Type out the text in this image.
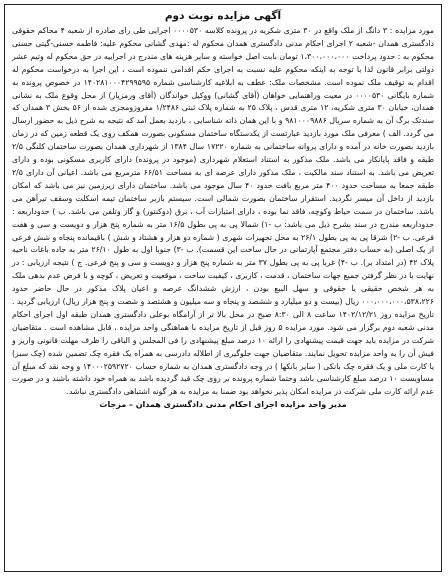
آگهی مزایده نوبت دوم

مورد مزایده : ۳ دانگ از ملک واقع در ۳۰ متری شکریه در پرونده کلاسه ۰۰۰۰۵۳۰ اجرایی طی رای صادره از شعبه ۴ محاکم حقوقی دادگستری همدان -شعبه ۲ اجرای احکام مدنی دادگستری همدان محکوم له :مهدی گشانی محکوم علیه: فاطمه حسنی-گیتی حسنی محکوم به : حدود پرداخت ۱،۳۰۰،۰۰۰،۰۰۰ تومان بابت اصل خواسته و سایر هزینه های مندرج در اجراییه در حق محکوم له وتیم عشر دولتی برابر قانون لذا با توجه به اینکه محکوم علیه نسبت به اجرای حکم اقدامی ننموده است ، این اجرا به درخواست محکوم له اقدام به توقیف ملک نموده است. مشخصات ملک: عطف به ابلاغیه کارشناسی شماره ۱۴۰۲۸۱۰۰۰۴۲۹۹۵۹۵ در خصوص پرونده به شماره بایگانی ۰۰۰۰۵۳۰ در معیت وراهنمایی خواهان (آقای گشانی) ووکیل خواندگان (آقای ورمزیار) از محل وقوع ملک به نشانی همدان، خیابان ۳۰ متری شکریه، ۱۲ متری قدس ، پلاک ۲۵ به شماره پلاک ثبتی ۱/۲۴۸۶ مفروزومجزی شده از ۵۶ بخش ۳ همدان که سندتک برگ آن به شماره سریال ۹۸۱۰۰۰۹۸۸۶ و با این همان ذاته شناسایی ، بازدید بعمل آمد که نتیجه به شرح ذیل به حضور ارسال می گردد. الف ) معرفی ملک مورد بازدید عبارتست از یکدستگاه ساختمان مسکونی بصورت همکف روی یک قطعه زمین که در زمان بازدید بصورت خانه در آمده و دارای پروانه ساختمانی به شماره ۱۷۲۲۰ سال ۱۳۸۴ از شهرداری همدان بصورت ساختمان کلنگی ۲/۵ طبقه و فاقد پایانکار می باشد. ملک مذکور به استناد استعلام شهرداری (موجود در پرونده) دارای کاربری مسکونی بوده و دارای تعریض می باشد. به استناد سند مالکیت ، ملک مذکور دارای عرصه ای به مساحت ۶۶/۵۱ مترمربع می باشد. اعیانی آن دارای ۲/۵ طبقه جمعا به مساحت حدود ۴۰۰ متر مربع بافت حدود ۴۰ سال موجود می باشد. ساختمان دارای زیرزمین نیز می باشد که امکان بازدید از داخل آن میسر نگردید. استقرار ساختمان بصورت شمالی است. سیستم بازبر ساختمان تیمه اسکلت وسقف تیرآهن می باشد. ساختمان در سمت حیاط وکوچه، فاقد نما بوده ، دارای امتیازات آب ، برق (دوکنتور) و گاز وتلفن می باشد. ب ) حدوداربعه : حدوداربعه مندرج در سند بشرح ذیل می باشد: ب -۱) شمالا پی به پی بطول ۱۶/۵ متر به شماره پنج هزار و دویست و سی و هفت فرعی. ب -۲) شرقا پی به پی بطول ۲۶/۱ به محل تجهیزات شهری ( شماره دو هزار و هشتاد و شش ) باقیمانده پنجاه و شش فرعی از یک اصلی (به حساب دفتر مجتمع آپارتمانی در حال ساخت این قسمت). ب -۳) جنوبا اول به طول ۲۶/۱۰ متر به جاده باغات ناحیه پلاک ۴۲ (در امتداد بر). ب -۴) غربا پی به پی بطول ۳۷ متر به شماره پنج هزار و دویست و سی و پنج فرعی. ج ) نتیجه ارزیابی : در نهایت با در نظر گرفتن جمیع جهات ساختمان ، قدمت ، کاربری ، کیفیت ساخت ، موقعیت و تعریض ، کوچه و با فرض عدم بدهی ملک به هر شخص حقیقی یا حقوقی و سهل البیع بودن ، ارزش ششدانگ عرصه و اعیان پلاک مذکور در حال حاضر حدود ۰۰۰،۰۰۰،۰۰۰،۵۳۸،۲۲۶ ریال (بیست و دو میلیارد و ششصد و پنجاه و سه میلیون و هشتصد و شصت و پنج هزار ریال) ارزیابی گردید . تاریخ مزایده روز ۱۴۰۲/۱۲/۲۱ ساعت ۸ الی ۸:۳۰ صبح در محل بالا تر از آرامگاه بوعلی دادگستری همدان طبقه اول اجرای احکام مدنی شعبه دوم برگزار می شود. مورد مزایده ۵ روز قبل از تاریخ مزایده با هماهنگی واحد مزایده ، قابل مشاهده است . متقاضیان شرکت در مزایده باید جهت قیمت پیشنهادی را ارائه ۱۰ درصد مبلغ پیشنهادی را فی المجلس و الباقی را ظرف مهلت قانونی واریز و فیش آن را به واحد مزایده تحویل نمایند. متقاضیان جهت جلوگیری از اطلاله دادرسی به همراه یک فقره چک تضمین شده (چک سبز) یا کارت ملی و یک فقره چک بانکی ( سایر بانکها ) در وجه دادگستری همدان به شماره حساب ۱۴۰۰۰۲۵۹۲۷۲۰ و وجه نقد که مبلغ آن مساویست ۱۰ درصد مبلغ کارشناسی باشد وحتما شماره پرونده بر روی چک قید گردیده باشد به همراه خود داشته باشند و در صورت عدم ارائه کارت ملی شرکت در مزایده امکان پذیر نخواهد بود ضمنا به مزایده به هر گونه اشتباهی دادگستری نباشد.

مدیر واحد مزایده اجرای احکام مدنی دادگستری همدان – مزجات
